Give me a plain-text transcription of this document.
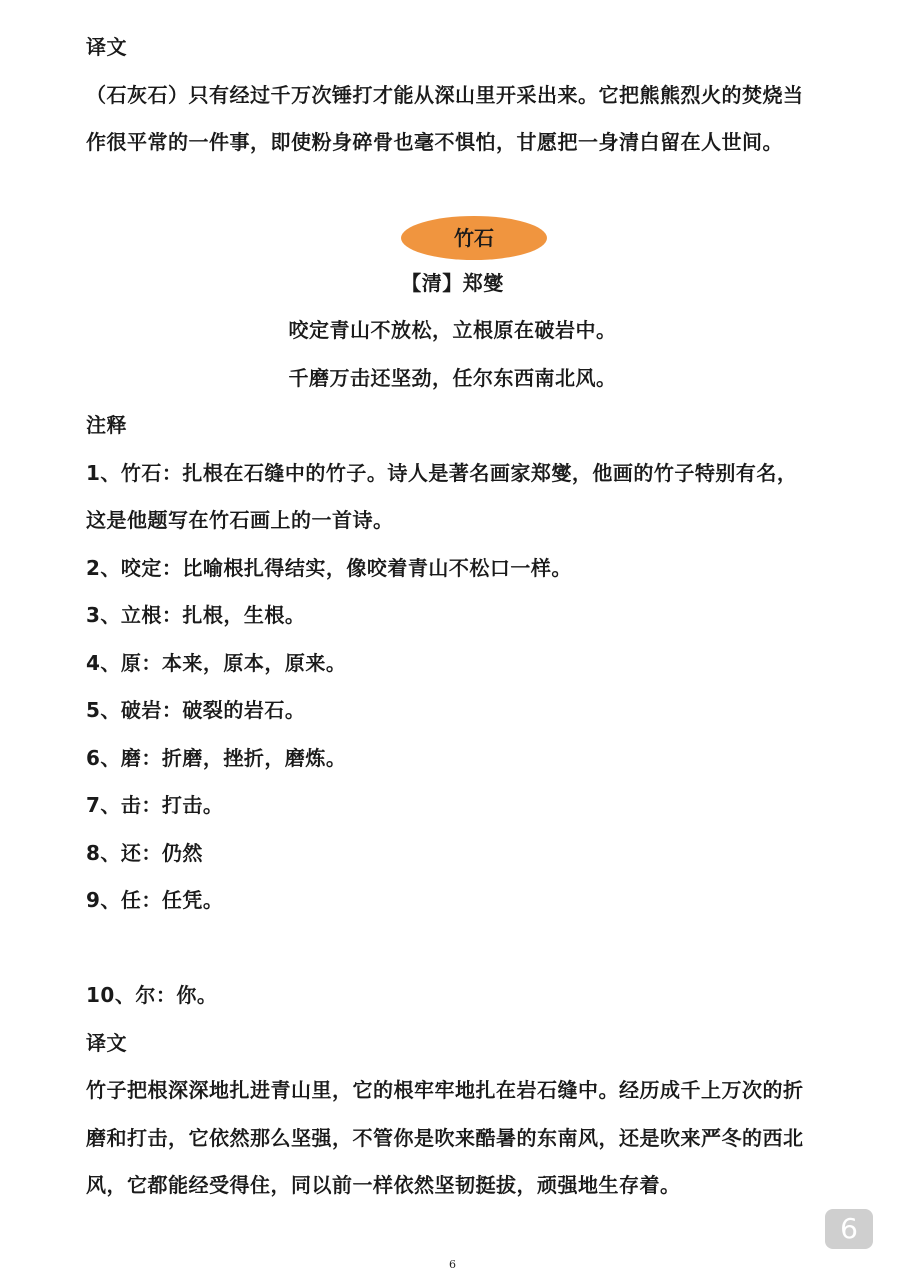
译文
（石灰石）只有经过千万次锤打才能从深山里开采出来。它把熊熊烈火的焚烧当
作很平常的一件事，即使粉身碎骨也毫不惧怕，甘愿把一身清白留在人世间。
竹石
【清】郑燮
咬定青山不放松，立根原在破岩中。
千磨万击还坚劲，任尔东西南北风。
注释
1、竹石：扎根在石缝中的竹子。诗人是著名画家郑燮，他画的竹子特别有名，
这是他题写在竹石画上的一首诗。
2、咬定：比喻根扎得结实，像咬着青山不松口一样。
3、立根：扎根，生根。
4、原：本来，原本，原来。
5、破岩：破裂的岩石。
6、磨：折磨，挫折，磨炼。
7、击：打击。
8、还：仍然
9、任：任凭。
10、尔：你。
译文
竹子把根深深地扎进青山里，它的根牢牢地扎在岩石缝中。经历成千上万次的折
磨和打击，它依然那么坚强，不管你是吹来酷暑的东南风，还是吹来严冬的西北
风，它都能经受得住，同以前一样依然坚韧挺拔，顽强地生存着。
6
6
